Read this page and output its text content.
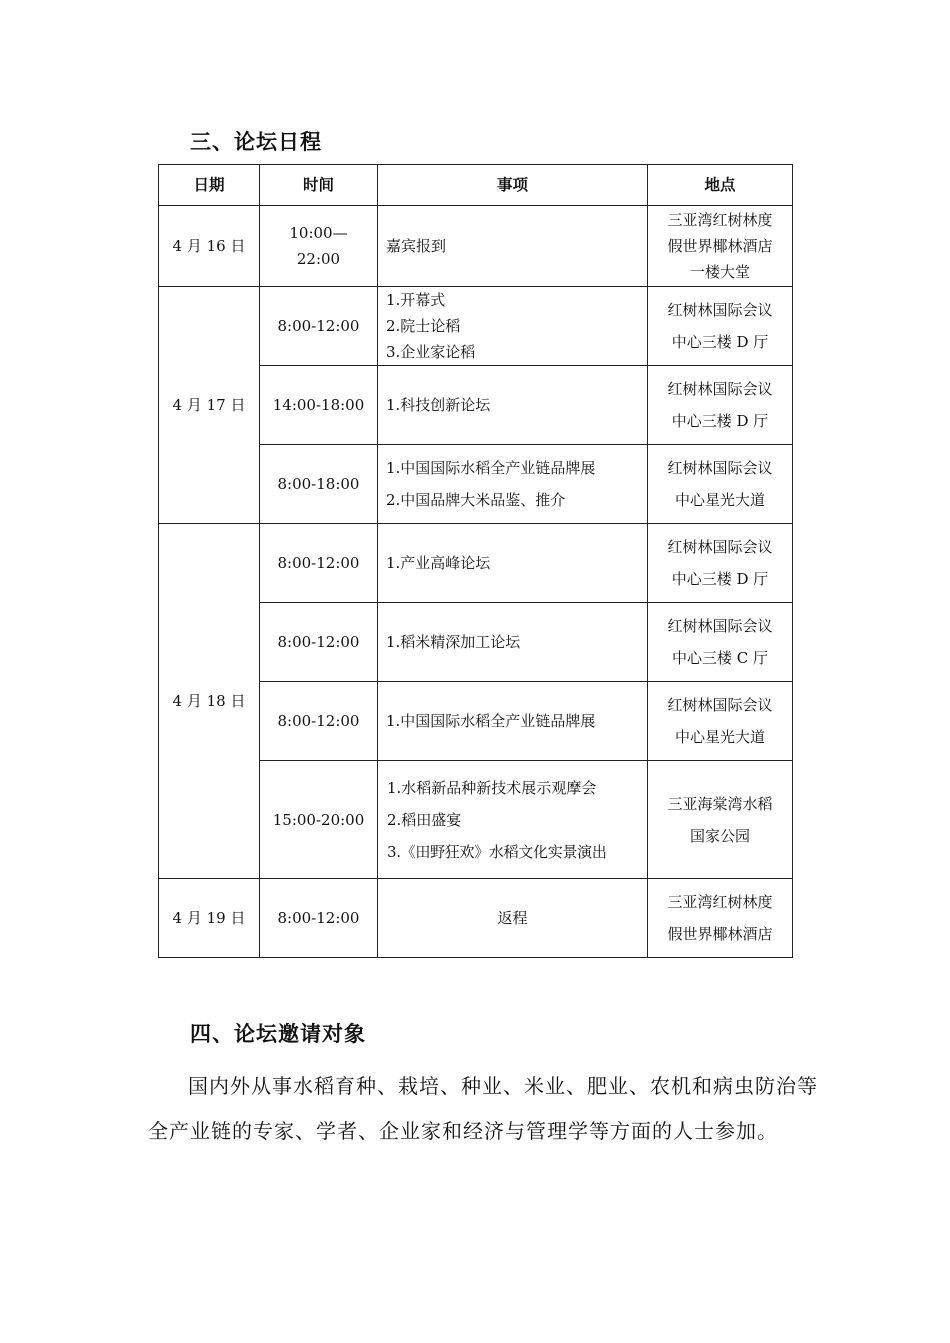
三、论坛日程
日期	时间	事项	地点
4 月 16 日	10:00—22:00	嘉宾报到	三亚湾红树林度
假世界椰林酒店
一楼大堂

4 月 17 日	8:00-12:00	1.开幕式
2.院士论稻
3.企业家论稻	红树林国际会议
中心三楼 D 厅

	14:00-18:00	1.科技创新论坛	红树林国际会议
中心三楼 D 厅

	8:00-18:00	1.中国国际水稻全产业链品牌展
2.中国品牌大米品鉴、推介	红树林国际会议
中心星光大道

4 月 18 日	8:00-12:00	1.产业高峰论坛	红树林国际会议
中心三楼 D 厅

	8:00-12:00	1.稻米精深加工论坛	红树林国际会议
中心三楼 C 厅

	8:00-12:00	1.中国国际水稻全产业链品牌展	红树林国际会议
中心星光大道

	15:00-20:00	1.水稻新品种新技术展示观摩会
2.稻田盛宴
3.《田野狂欢》水稻文化实景演出	三亚海棠湾水稻
国家公园

4 月 19 日	8:00-12:00	返程	三亚湾红树林度
假世界椰林酒店
四、论坛邀请对象
国内外从事水稻育种、栽培、种业、米业、肥业、农机和病虫防治等全产业链的专家、学者、企业家和经济与管理学等方面的人士参加。
